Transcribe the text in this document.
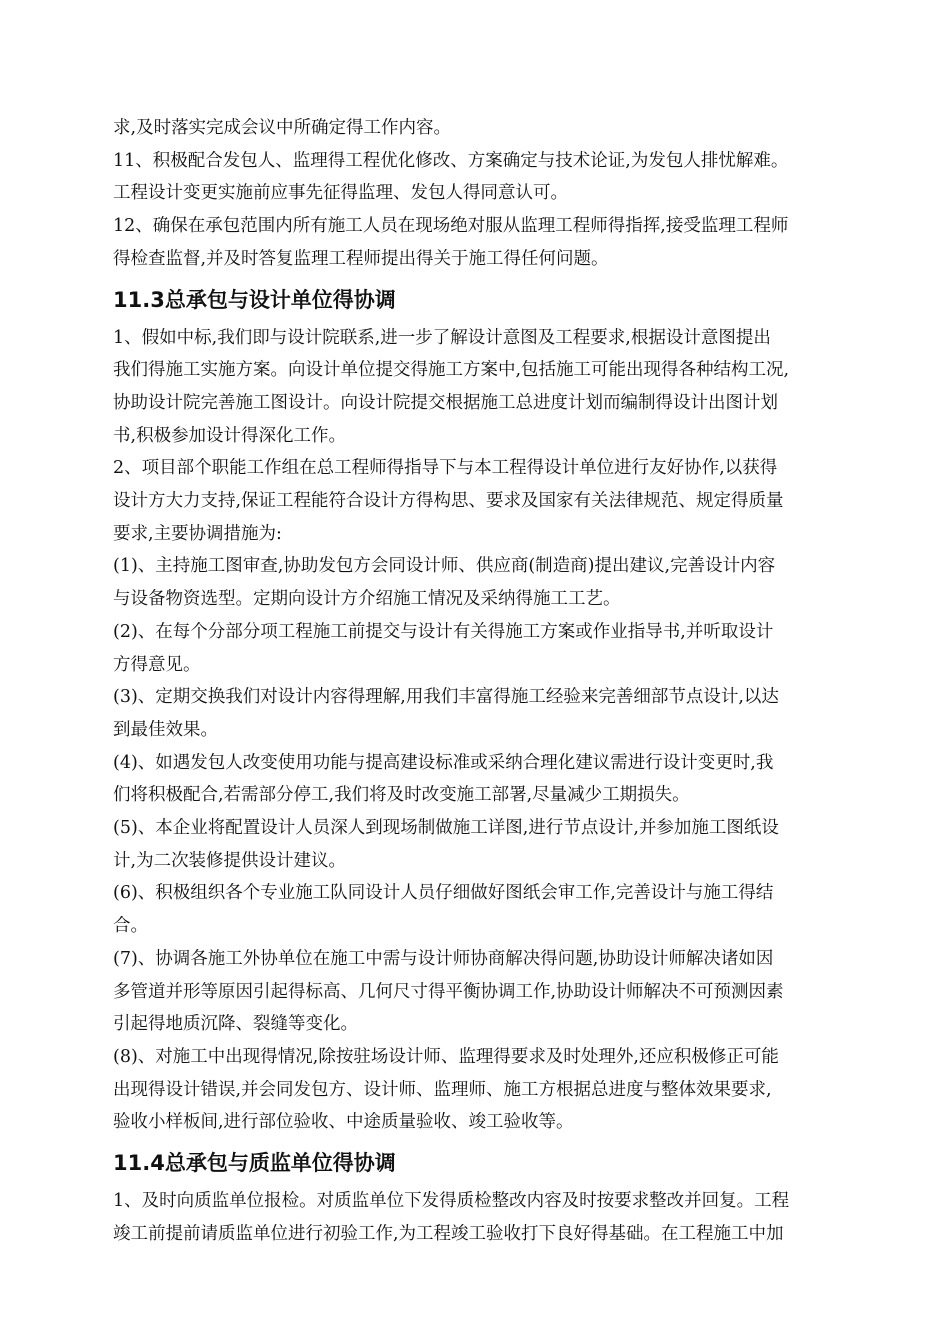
求,及时落实完成会议中所确定得工作内容。

11、积极配合发包人、监理得工程优化修改、方案确定与技术论证,为发包人排忧解难。
工程设计变更实施前应事先征得监理、发包人得同意认可。

12、确保在承包范围内所有施工人员在现场绝对服从监理工程师得指挥,接受监理工程师
得检查监督,并及时答复监理工程师提出得关于施工得任何问题。

11.3总承包与设计单位得协调

1、假如中标,我们即与设计院联系,进一步了解设计意图及工程要求,根据设计意图提出
我们得施工实施方案。向设计单位提交得施工方案中,包括施工可能出现得各种结构工况,
协助设计院完善施工图设计。向设计院提交根据施工总进度计划而编制得设计出图计划
书,积极参加设计得深化工作。

2、项目部个职能工作组在总工程师得指导下与本工程得设计单位进行友好协作,以获得
设计方大力支持,保证工程能符合设计方得构思、要求及国家有关法律规范、规定得质量
要求,主要协调措施为:

(1)、主持施工图审查,协助发包方会同设计师、供应商(制造商)提出建议,完善设计内容
与设备物资选型。定期向设计方介绍施工情况及采纳得施工工艺。

(2)、在每个分部分项工程施工前提交与设计有关得施工方案或作业指导书,并听取设计
方得意见。

(3)、定期交换我们对设计内容得理解,用我们丰富得施工经验来完善细部节点设计,以达
到最佳效果。

(4)、如遇发包人改变使用功能与提高建设标准或采纳合理化建议需进行设计变更时,我
们将积极配合,若需部分停工,我们将及时改变施工部署,尽量减少工期损失。

(5)、本企业将配置设计人员深人到现场制做施工详图,进行节点设计,并参加施工图纸设
计,为二次装修提供设计建议。

(6)、积极组织各个专业施工队同设计人员仔细做好图纸会审工作,完善设计与施工得结
合。

(7)、协调各施工外协单位在施工中需与设计师协商解决得问题,协助设计师解决诸如因
多管道并形等原因引起得标高、几何尺寸得平衡协调工作,协助设计师解决不可预测因素
引起得地质沉降、裂缝等变化。

(8)、对施工中出现得情况,除按驻场设计师、监理得要求及时处理外,还应积极修正可能
出现得设计错误,并会同发包方、设计师、监理师、施工方根据总进度与整体效果要求,
验收小样板间,进行部位验收、中途质量验收、竣工验收等。

11.4总承包与质监单位得协调

1、及时向质监单位报检。对质监单位下发得质检整改内容及时按要求整改并回复。工程
竣工前提前请质监单位进行初验工作,为工程竣工验收打下良好得基础。在工程施工中加
